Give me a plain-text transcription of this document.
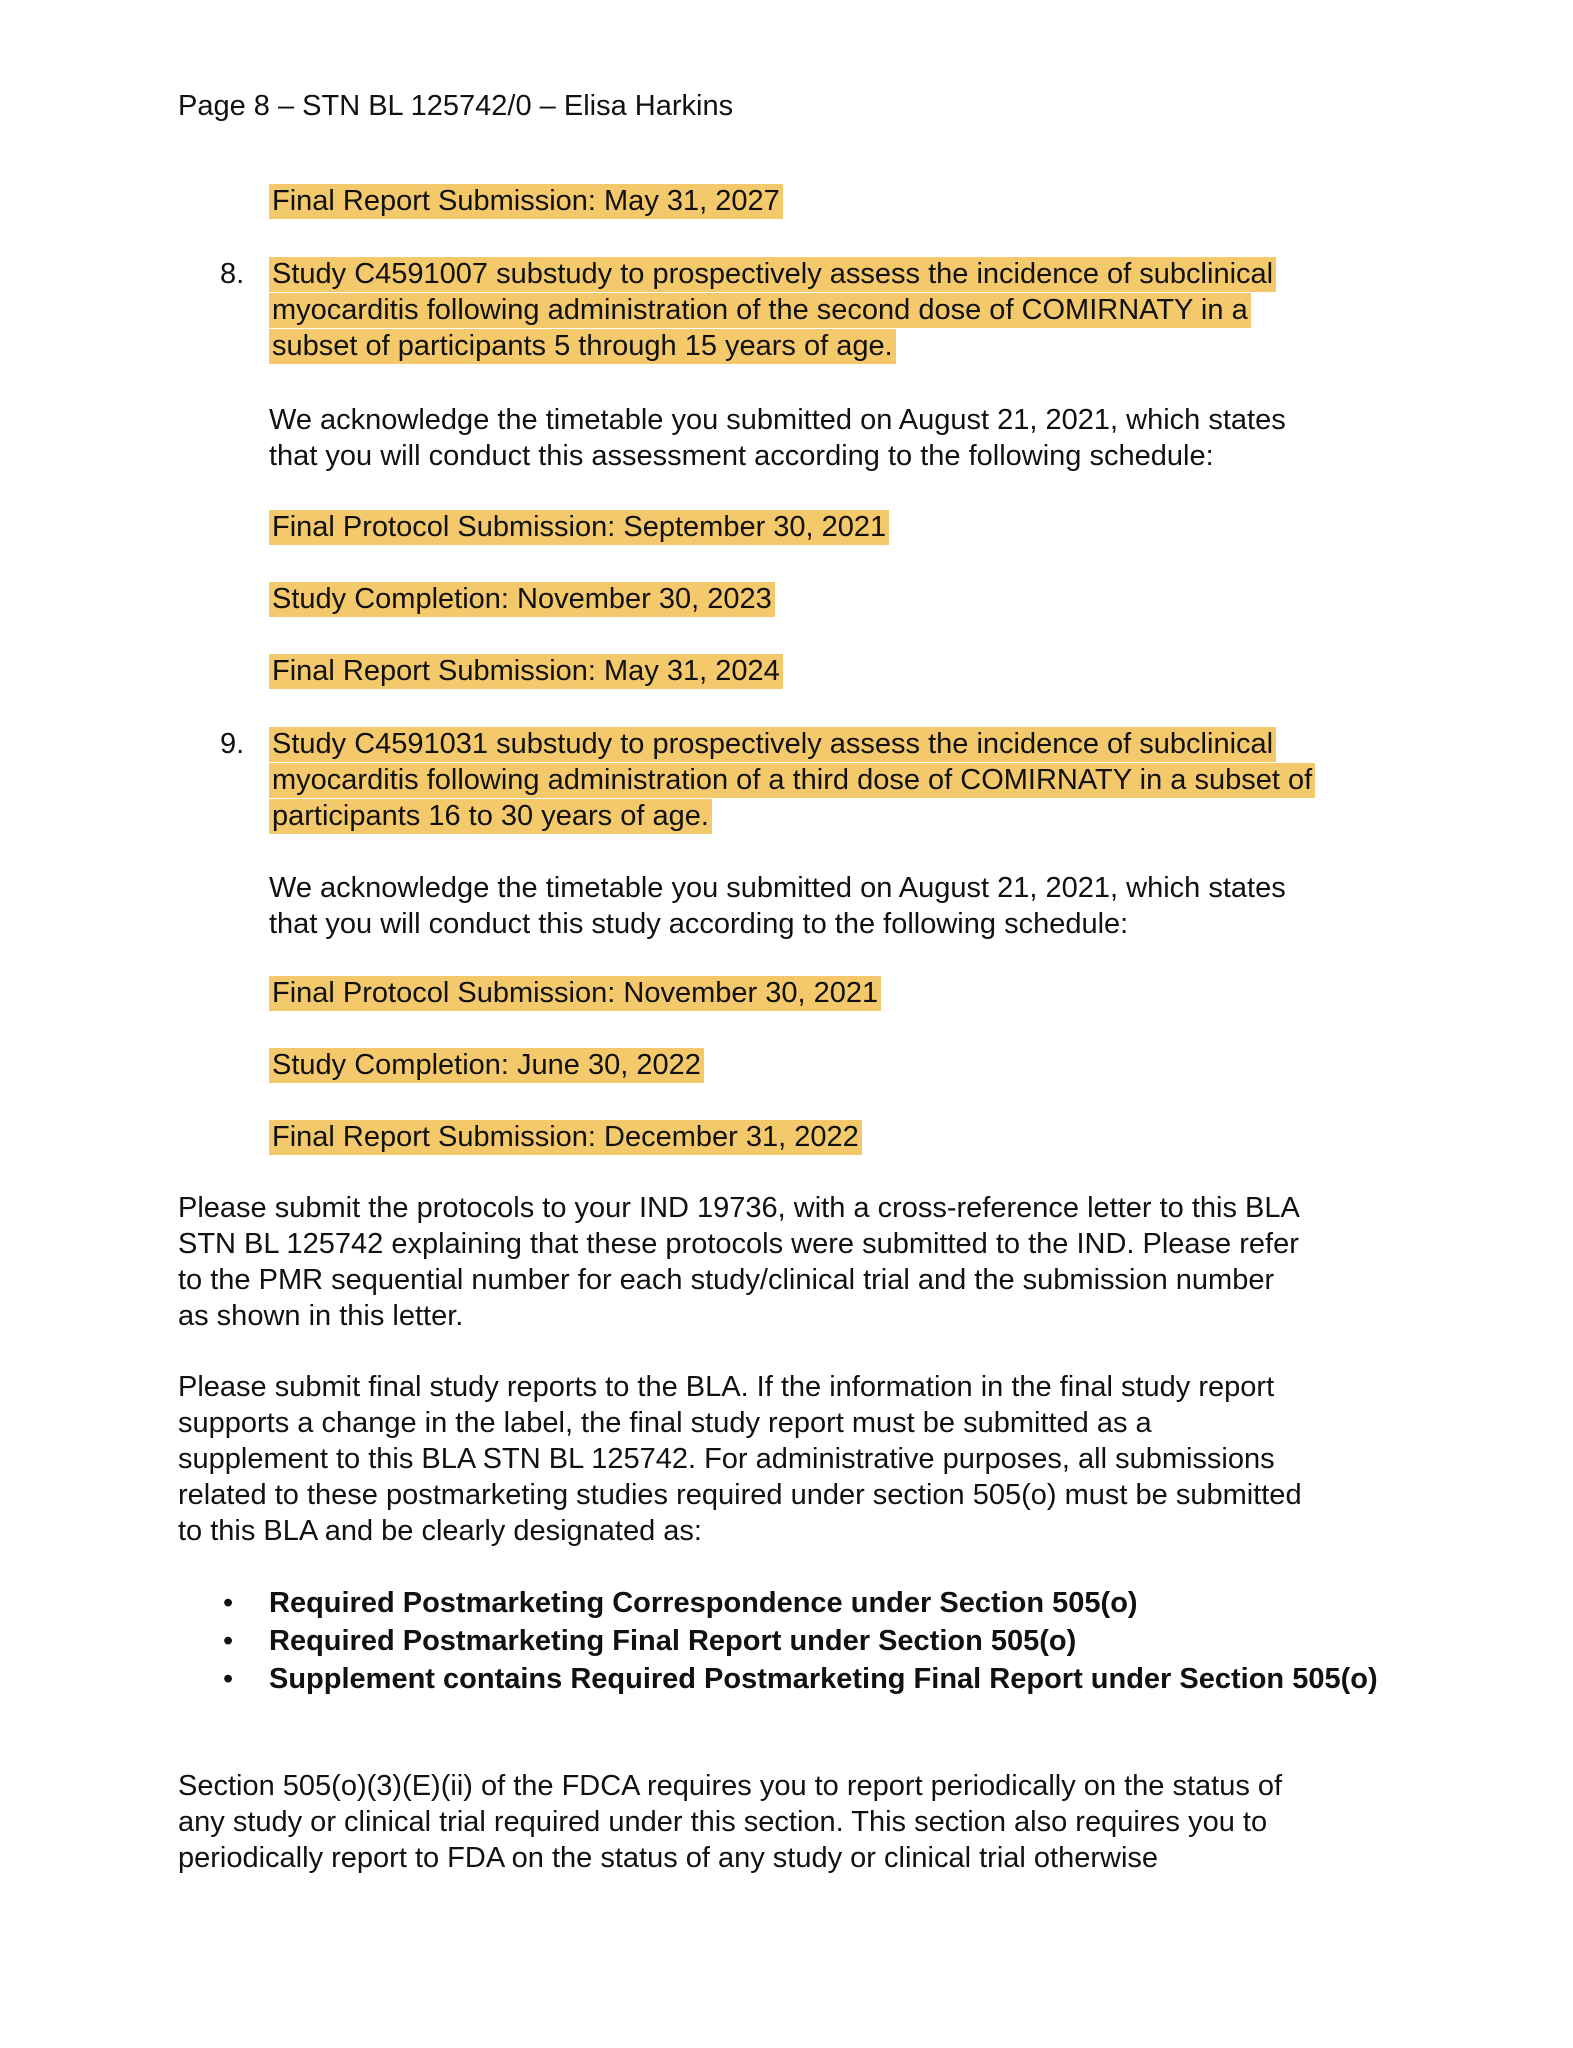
Page 8 – STN BL 125742/0 – Elisa Harkins
Final Report Submission: May 31, 2027
8. Study C4591007 substudy to prospectively assess the incidence of subclinical
myocarditis following administration of the second dose of COMIRNATY in a
subset of participants 5 through 15 years of age.
We acknowledge the timetable you submitted on August 21, 2021, which states
that you will conduct this assessment according to the following schedule:
Final Protocol Submission: September 30, 2021
Study Completion: November 30, 2023
Final Report Submission: May 31, 2024
9. Study C4591031 substudy to prospectively assess the incidence of subclinical
myocarditis following administration of a third dose of COMIRNATY in a subset of
participants 16 to 30 years of age.
We acknowledge the timetable you submitted on August 21, 2021, which states
that you will conduct this study according to the following schedule:
Final Protocol Submission: November 30, 2021
Study Completion: June 30, 2022
Final Report Submission: December 31, 2022
Please submit the protocols to your IND 19736, with a cross-reference letter to this BLA
STN BL 125742 explaining that these protocols were submitted to the IND. Please refer
to the PMR sequential number for each study/clinical trial and the submission number
as shown in this letter.
Please submit final study reports to the BLA. If the information in the final study report
supports a change in the label, the final study report must be submitted as a
supplement to this BLA STN BL 125742. For administrative purposes, all submissions
related to these postmarketing studies required under section 505(o) must be submitted
to this BLA and be clearly designated as:
• Required Postmarketing Correspondence under Section 505(o)
• Required Postmarketing Final Report under Section 505(o)
• Supplement contains Required Postmarketing Final Report under Section 505(o)
Section 505(o)(3)(E)(ii) of the FDCA requires you to report periodically on the status of
any study or clinical trial required under this section. This section also requires you to
periodically report to FDA on the status of any study or clinical trial otherwise
